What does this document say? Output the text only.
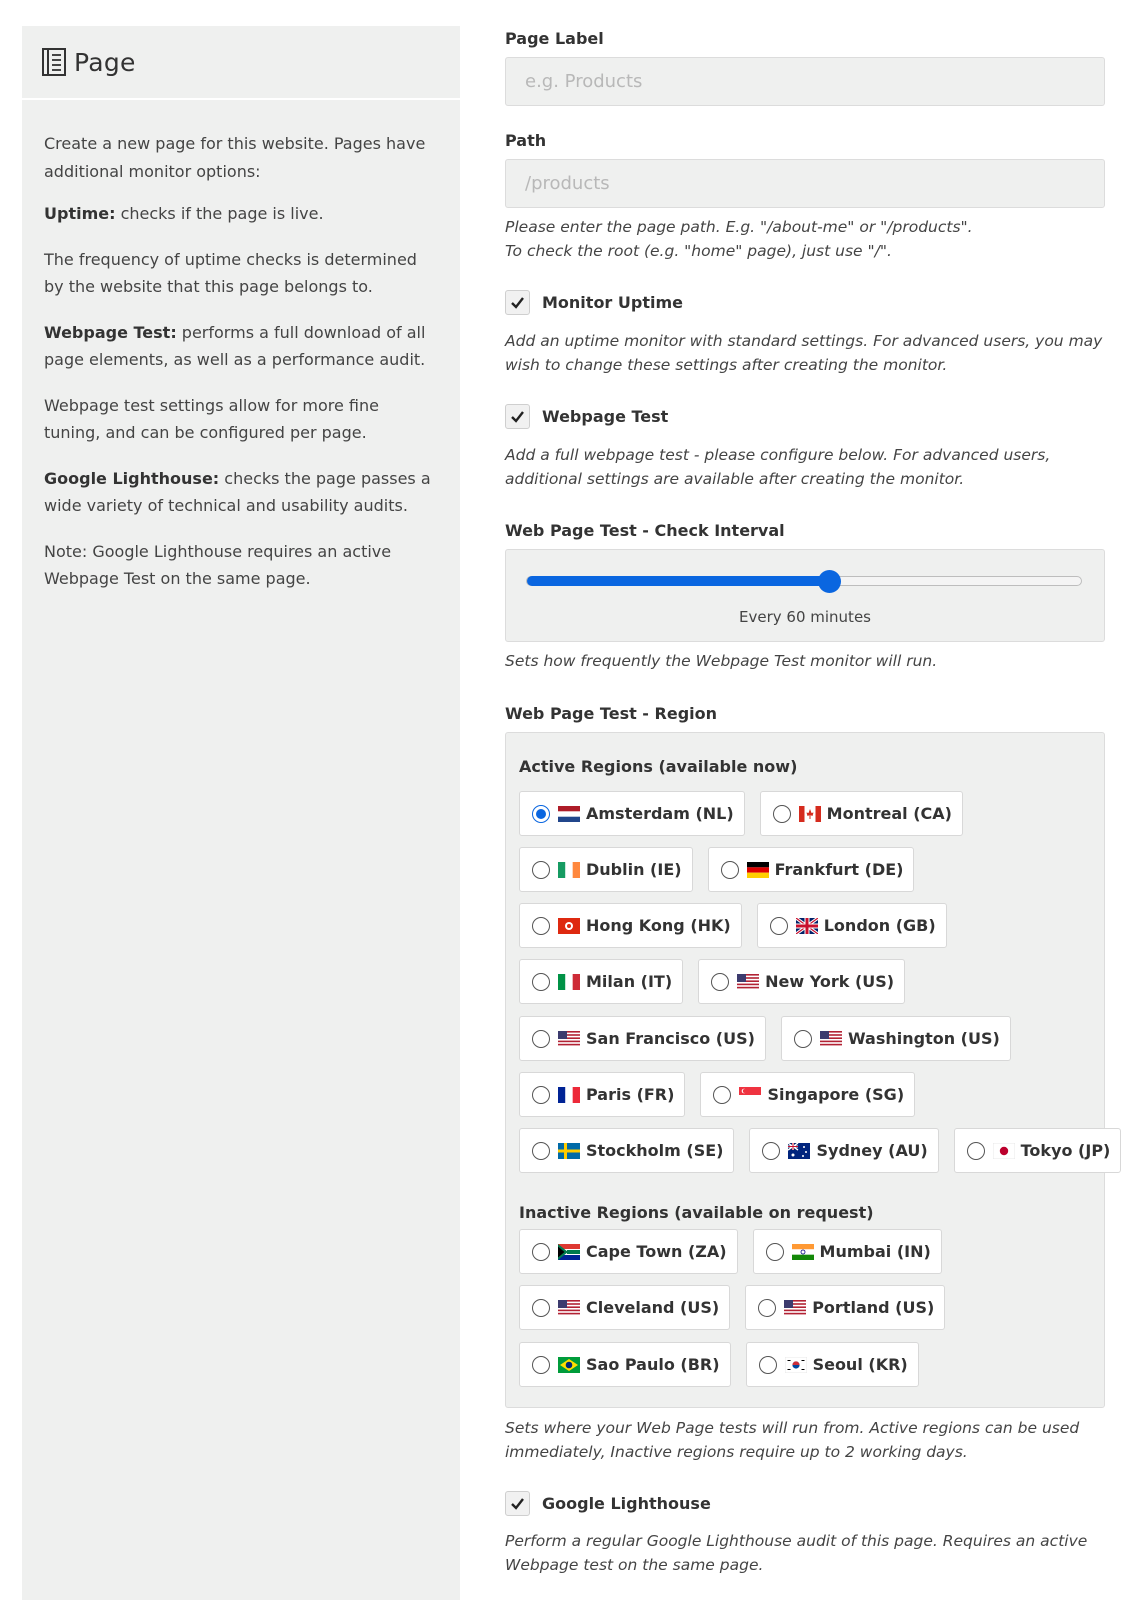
Page

Create a new page for this website. Pages have additional monitor options:

Uptime: checks if the page is live.

The frequency of uptime checks is determined by the website that this page belongs to.

Webpage Test: performs a full download of all page elements, as well as a performance audit.

Webpage test settings allow for more fine tuning, and can be configured per page.

Google Lighthouse: checks the page passes a wide variety of technical and usability audits.

Note: Google Lighthouse requires an active Webpage Test on the same page.

Page Label
e.g. Products
Path
/products
Please enter the page path. E.g. "/about-me" or "/products".
To check the root (e.g. "home" page), just use "/".
Monitor Uptime
Add an uptime monitor with standard settings. For advanced users, you may wish to change these settings after creating the monitor.
Webpage Test
Add a full webpage test - please configure below. For advanced users, additional settings are available after creating the monitor.
Web Page Test - Check Interval
Every 60 minutes
Sets how frequently the Webpage Test monitor will run.
Web Page Test - Region
Active Regions (available now)
Inactive Regions (available on request)
Amsterdam (NL)	Montreal (CA)
Dublin (IE)	Frankfurt (DE)
Hong Kong (HK)	London (GB)
Milan (IT)	New York (US)
San Francisco (US)	Washington (US)
Paris (FR)	Singapore (SG)
Stockholm (SE)	Sydney (AU)	Tokyo (JP)
Cape Town (ZA)	Mumbai (IN)
Cleveland (US)	Portland (US)
Sao Paulo (BR)	Seoul (KR)
Sets where your Web Page tests will run from. Active regions can be used immediately, Inactive regions require up to 2 working days.
Google Lighthouse
Perform a regular Google Lighthouse audit of this page. Requires an active Webpage test on the same page.
